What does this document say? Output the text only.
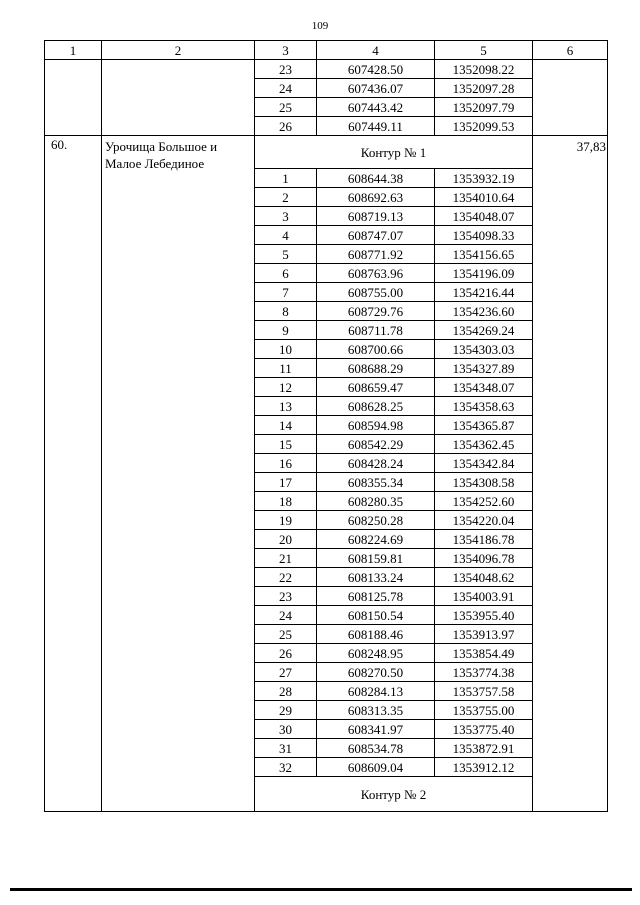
109
1	2	3	4	5	6
		23	607428.50	1352098.22	
		24	607436.07	1352097.28	
		25	607443.42	1352097.79	
		26	607449.11	1352099.53	
60.	Урочища Большое и Малое Лебединое	Контур № 1			37,83
		1	608644.38	1353932.19	
		2	608692.63	1354010.64	
		3	608719.13	1354048.07	
		4	608747.07	1354098.33	
		5	608771.92	1354156.65	
		6	608763.96	1354196.09	
		7	608755.00	1354216.44	
		8	608729.76	1354236.60	
		9	608711.78	1354269.24	
		10	608700.66	1354303.03	
		11	608688.29	1354327.89	
		12	608659.47	1354348.07	
		13	608628.25	1354358.63	
		14	608594.98	1354365.87	
		15	608542.29	1354362.45	
		16	608428.24	1354342.84	
		17	608355.34	1354308.58	
		18	608280.35	1354252.60	
		19	608250.28	1354220.04	
		20	608224.69	1354186.78	
		21	608159.81	1354096.78	
		22	608133.24	1354048.62	
		23	608125.78	1354003.91	
		24	608150.54	1353955.40	
		25	608188.46	1353913.97	
		26	608248.95	1353854.49	
		27	608270.50	1353774.38	
		28	608284.13	1353757.58	
		29	608313.35	1353755.00	
		30	608341.97	1353775.40	
		31	608534.78	1353872.91	
		32	608609.04	1353912.12	
		Контур № 2			
